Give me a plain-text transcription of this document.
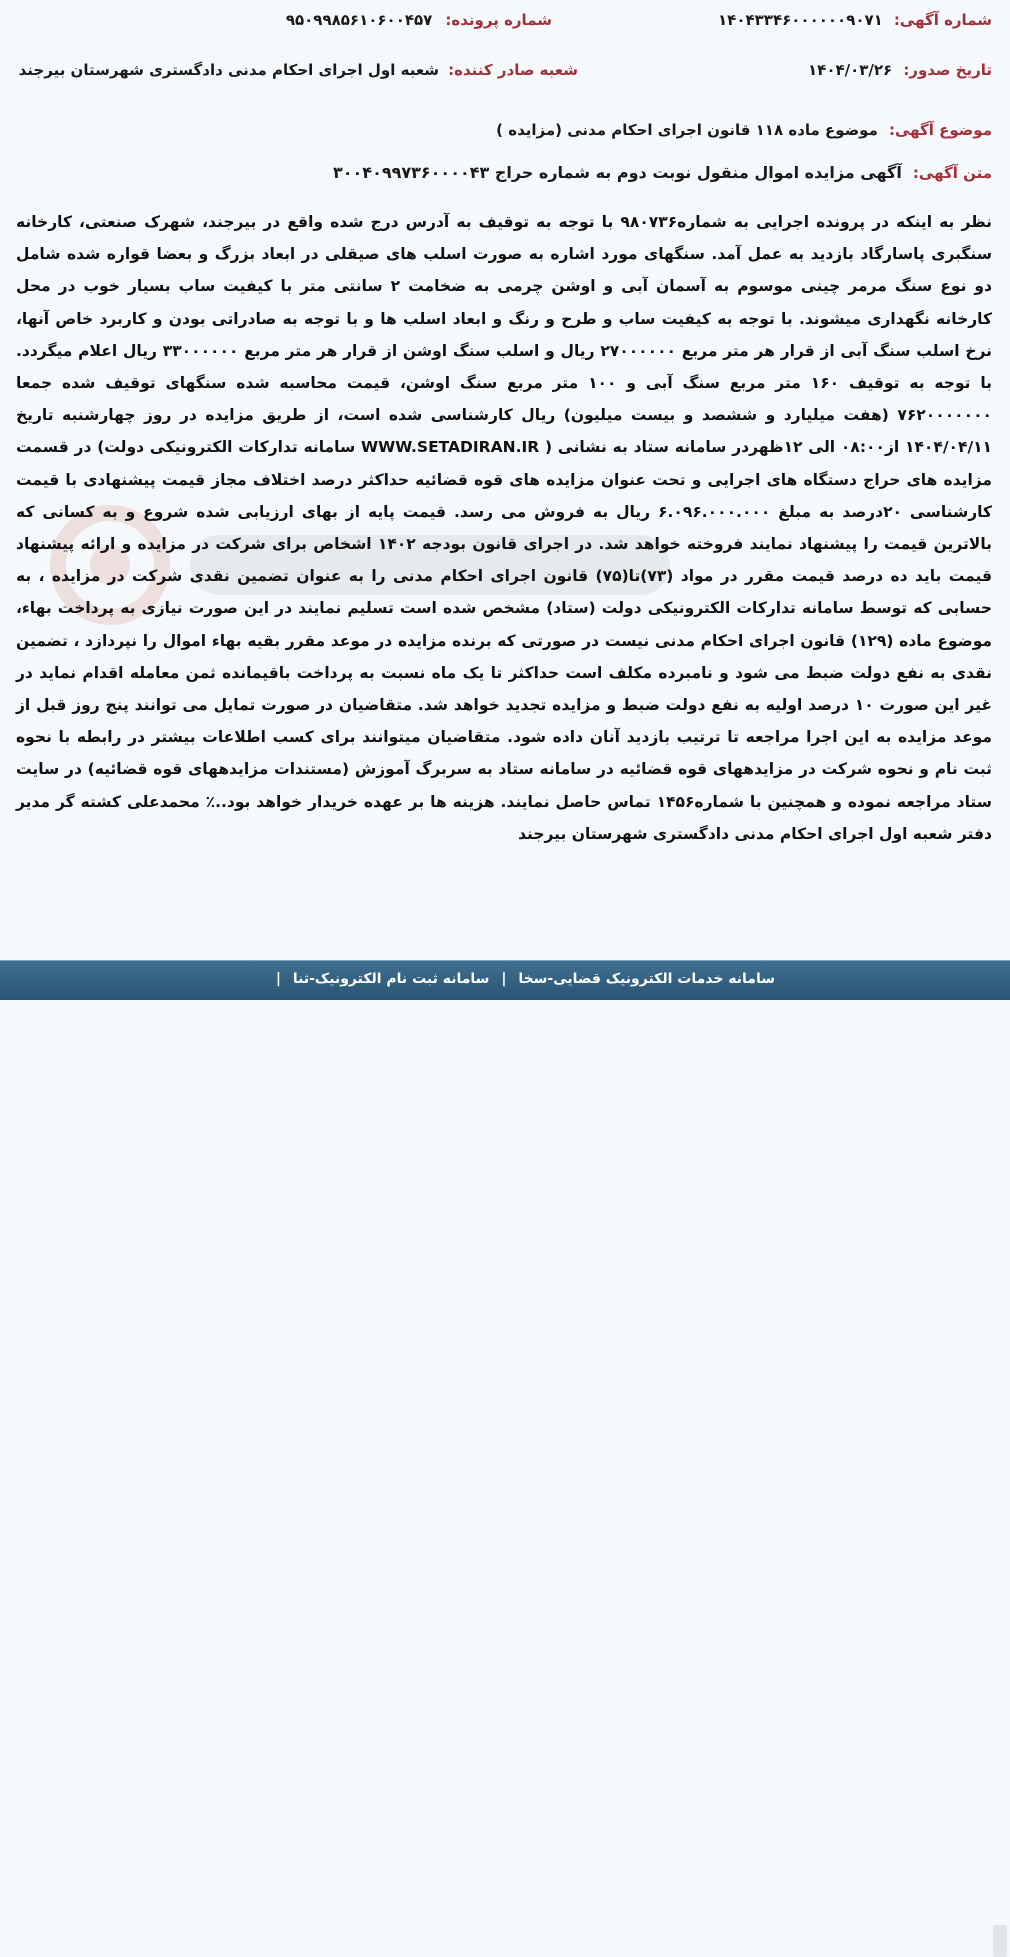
شماره آگهی: ۱۴۰۴۳۳۴۶۰۰۰۰۰۰۹۰۷۱
شماره پرونده: ۹۵۰۹۹۸۵۶۱۰۶۰۰۴۵۷
تاریخ صدور: ۱۴۰۴/۰۳/۲۶
شعبه صادر کننده: شعبه اول اجرای احکام مدنی دادگستری شهرستان بیرجند
موضوع آگهی: موضوع ماده ۱۱۸ قانون اجرای احکام مدنی (مزایده )
متن آگهی: آگهی مزایده اموال منقول نوبت دوم به شماره حراج ۳۰۰۴۰۹۹۷۳۶۰۰۰۰۴۳
نظر به اینکه در پرونده اجرایی به شماره۹۸۰۷۳۶ با توجه به توقیف به آدرس درج شده واقع در بیرجند، شهرک صنعتی، کارخانه سنگبری پاسارگاد بازدید به عمل آمد. سنگهای مورد اشاره به صورت اسلب های صیقلی در ابعاد بزرگ و بعضا قواره شده شامل دو نوع سنگ مرمر چینی موسوم به آسمان آبی و اوشن چرمی به ضخامت ۲ سانتی متر با کیفیت ساب بسیار خوب در محل کارخانه نگهداری میشوند. با توجه به کیفیت ساب و طرح و رنگ و ابعاد اسلب ها و با توجه به صادراتی بودن و کاربرد خاص آنها، نرخ اسلب سنگ آبی از قرار هر متر مربع ۲۷۰۰۰۰۰۰ ریال و اسلب سنگ اوشن از قرار هر متر مربع ۳۳۰۰۰۰۰۰ ریال اعلام میگردد. با توجه به توقیف ۱۶۰ متر مربع سنگ آبی و ۱۰۰ متر مربع سنگ اوشن، قیمت محاسبه شده سنگهای توقیف شده جمعا ۷۶۲۰۰۰۰۰۰۰ (هفت میلیارد و ششصد و بیست میلیون) ریال کارشناسی شده است، از طریق مزایده در روز چهارشنبه تاریخ ۱۴۰۴/۰۴/۱۱ از۰۸:۰۰ الی ۱۲ظهردر سامانه ستاد به نشانی ( WWW.SETADIRAN.IR سامانه تدارکات الکترونیکی دولت) در قسمت مزایده های حراج دستگاه های اجرایی و تحت عنوان مزایده های قوه قضائیه حداکثر درصد اختلاف مجاز قیمت پیشنهادی با قیمت کارشناسی ۲۰درصد به مبلغ ۶.۰۹۶.۰۰۰.۰۰۰ ریال به فروش می رسد. قیمت پایه از بهای ارزیابی شده شروع و به کسانی که بالاترین قیمت را پیشنهاد نمایند فروخته خواهد شد. در اجرای قانون بودجه ۱۴۰۲ اشخاص برای شرکت در مزایده و ارائه پیشنهاد قیمت باید ده درصد قیمت مقرر در مواد (۷۳)تا(۷۵) قانون اجرای احکام مدنی را به عنوان تضمین نقدی شرکت در مزایده ، به حسابی که توسط سامانه تدارکات الکترونیکی دولت (ستاد) مشخص شده است تسلیم نمایند در این صورت نیازی به پرداخت بهاء، موضوع ماده (۱۲۹) قانون اجرای احکام مدنی نیست در صورتی که برنده مزایده در موعد مقرر بقیه بهاء اموال را نپردازد ، تضمین نقدی به نفع دولت ضبط می شود و نامبرده مکلف است حداکثر تا یک ماه نسبت به پرداخت باقیمانده ثمن معامله اقدام نماید در غیر این صورت ۱۰ درصد اولیه به نفع دولت ضبط و مزایده تجدید خواهد شد. متقاضیان در صورت تمایل می توانند پنج روز قبل از موعد مزایده به این اجرا مراجعه تا ترتیب بازدید آنان داده شود. متقاضیان میتوانند برای کسب اطلاعات بیشتر در رابطه با نحوه ثبت نام و نحوه شرکت در مزایدههای قوه قضائیه در سامانه ستاد به سربرگ آموزش (مستندات مزایدههای قوه قضائیه) در سایت ستاد مراجعه نموده و همچنین با شماره۱۴۵۶ تماس حاصل نمایند. هزینه ها بر عهده خریدار خواهد بود..٪ محمدعلی کشته گر مدیر دفتر شعبه اول اجرای احکام مدنی دادگستری شهرستان بیرجند
سامانه خدمات الکترونیک قضایی-سخا | سامانه ثبت نام الکترونیک-ثنا |
